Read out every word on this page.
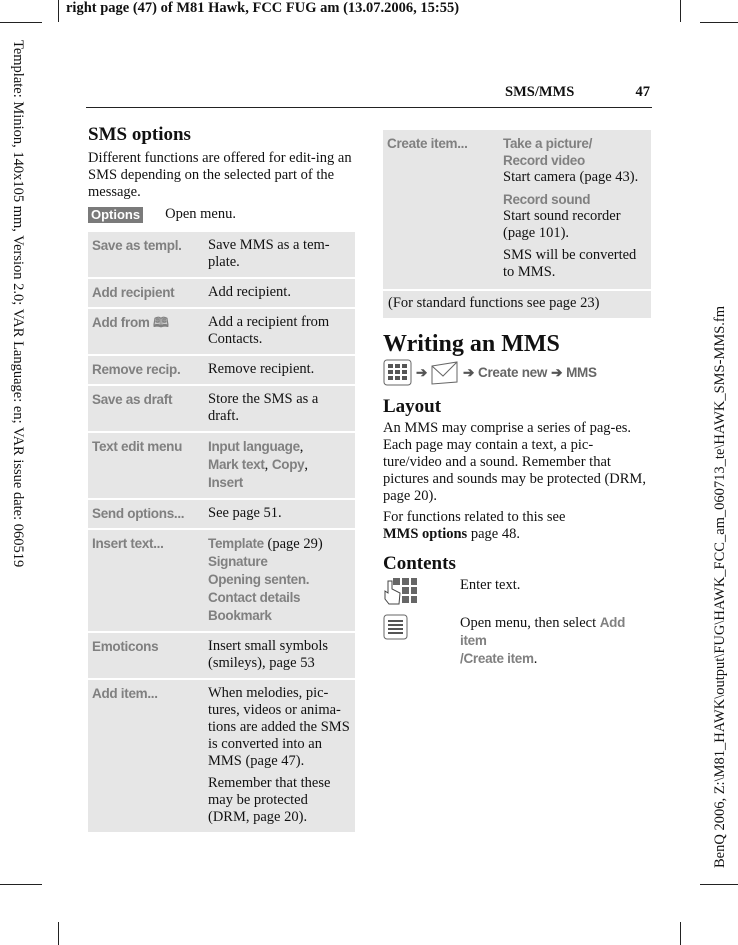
right page (47) of M81 Hawk, FCC FUG am (13.07.2006, 15:55)
Template: Minion, 140x105 mm, Version 2.0; VAR Language: en; VAR issue date: 060519
BenQ 2006, Z:\M81_HAWK\output\FUG\HAWK_FCC_am_060713_te\HAWK_SMS-MMS.fm
SMS/MMS	47
SMS options

Different functions are offered for edit-ing an SMS depending on the selected part of the message.

Options Open menu.
Save as templ.	Save MMS as a tem-plate.
Add recipient	Add recipient.
Add from 🕮	Add a recipient from Contacts.
Remove recip.	Remove recipient.
Save as draft	Store the SMS as a draft.
Text edit menu	Input language,
Mark text, Copy,
Insert
Send options...	See page 51.
Insert text...	Template (page 29)
Signature
Opening senten.
Contact details
Bookmark
Emoticons	Insert small symbols (smileys), page 53
Add item...	When melodies, pic-tures, videos or anima-tions are added the SMS is converted into an MMS (page 47).

Remember that these may be protected (DRM, page 20).

Create item...	Take a picture/
Record video
Start camera (page 43).
Record sound
Start sound recorder (page 101).
SMS will be converted to MMS.
(For standard functions see page 23)
Writing an MMS
➔	➔ Create new ➔ MMS
Layout

An MMS may comprise a series of pag-es. Each page may contain a text, a pic-ture/video and a sound. Remember that pictures and sounds may be protected (DRM, page 20).

For functions related to this see
MMS options page 48.

Contents
Enter text.
Open menu, then select Add item
/Create item.
